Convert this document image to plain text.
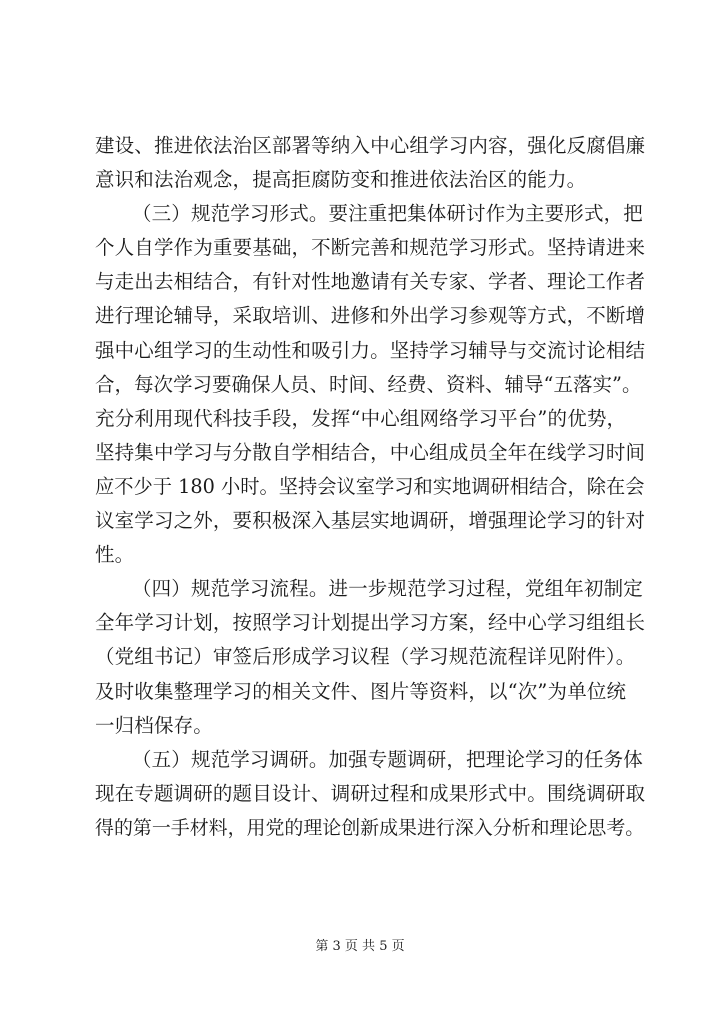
建设、推进依法治区部署等纳入中心组学习内容，强化反腐倡廉
意识和法治观念，提高拒腐防变和推进依法治区的能力。
（三）规范学习形式。要注重把集体研讨作为主要形式，把
个人自学作为重要基础，不断完善和规范学习形式。坚持请进来
与走出去相结合，有针对性地邀请有关专家、学者、理论工作者
进行理论辅导，采取培训、进修和外出学习参观等方式，不断增
强中心组学习的生动性和吸引力。坚持学习辅导与交流讨论相结
合，每次学习要确保人员、时间、经费、资料、辅导“五落实”。
充分利用现代科技手段，发挥“中心组网络学习平台”的优势，
坚持集中学习与分散自学相结合，中心组成员全年在线学习时间
应不少于 180 小时。坚持会议室学习和实地调研相结合，除在会
议室学习之外，要积极深入基层实地调研，增强理论学习的针对
性。
（四）规范学习流程。进一步规范学习过程，党组年初制定
全年学习计划，按照学习计划提出学习方案，经中心学习组组长
（党组书记）审签后形成学习议程（学习规范流程详见附件）。
及时收集整理学习的相关文件、图片等资料，以“次”为单位统
一归档保存。
（五）规范学习调研。加强专题调研，把理论学习的任务体
现在专题调研的题目设计、调研过程和成果形式中。围绕调研取
得的第一手材料，用党的理论创新成果进行深入分析和理论思考。
第 3 页 共 5 页
